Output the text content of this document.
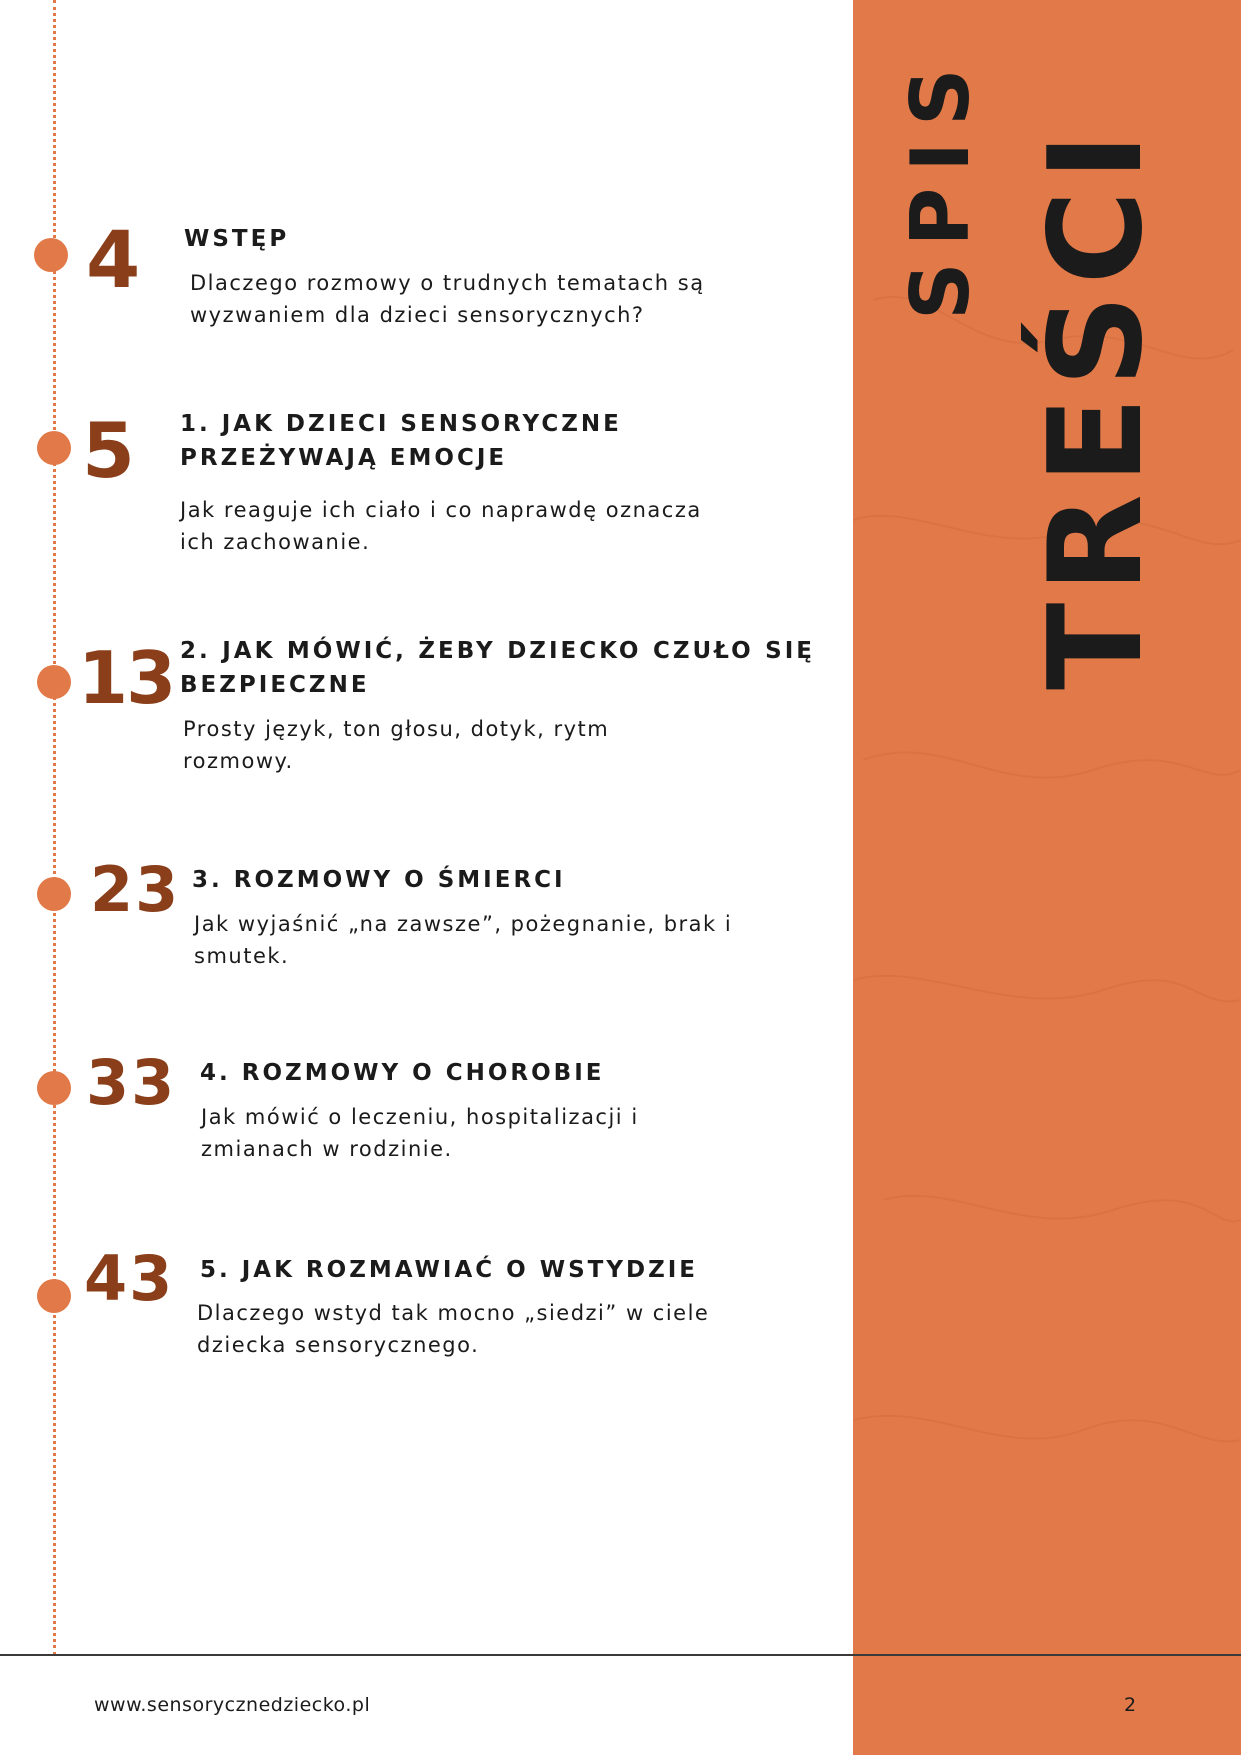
SPIS TREŚCI
4 WSTĘP
Dlaczego rozmowy o trudnych tematach są wyzwaniem dla dzieci sensorycznych?
5 1. JAK DZIECI SENSORYCZNE PRZEŻYWAJĄ EMOCJE
Jak reaguje ich ciało i co naprawdę oznacza ich zachowanie.
13 2. JAK MÓWIĆ, ŻEBY DZIECKO CZUŁO SIĘ BEZPIECZNE
Prosty język, ton głosu, dotyk, rytm rozmowy.
23 3. ROZMOWY O ŚMIERCI
Jak wyjaśnić „na zawsze”, pożegnanie, brak i smutek.
33 4. ROZMOWY O CHOROBIE
Jak mówić o leczeniu, hospitalizacji i zmianach w rodzinie.
43 5. JAK ROZMAWIAĆ O WSTYDZIE
Dlaczego wstyd tak mocno „siedzi” w ciele dziecka sensorycznego.
www.sensorycznedziecko.pl	2
